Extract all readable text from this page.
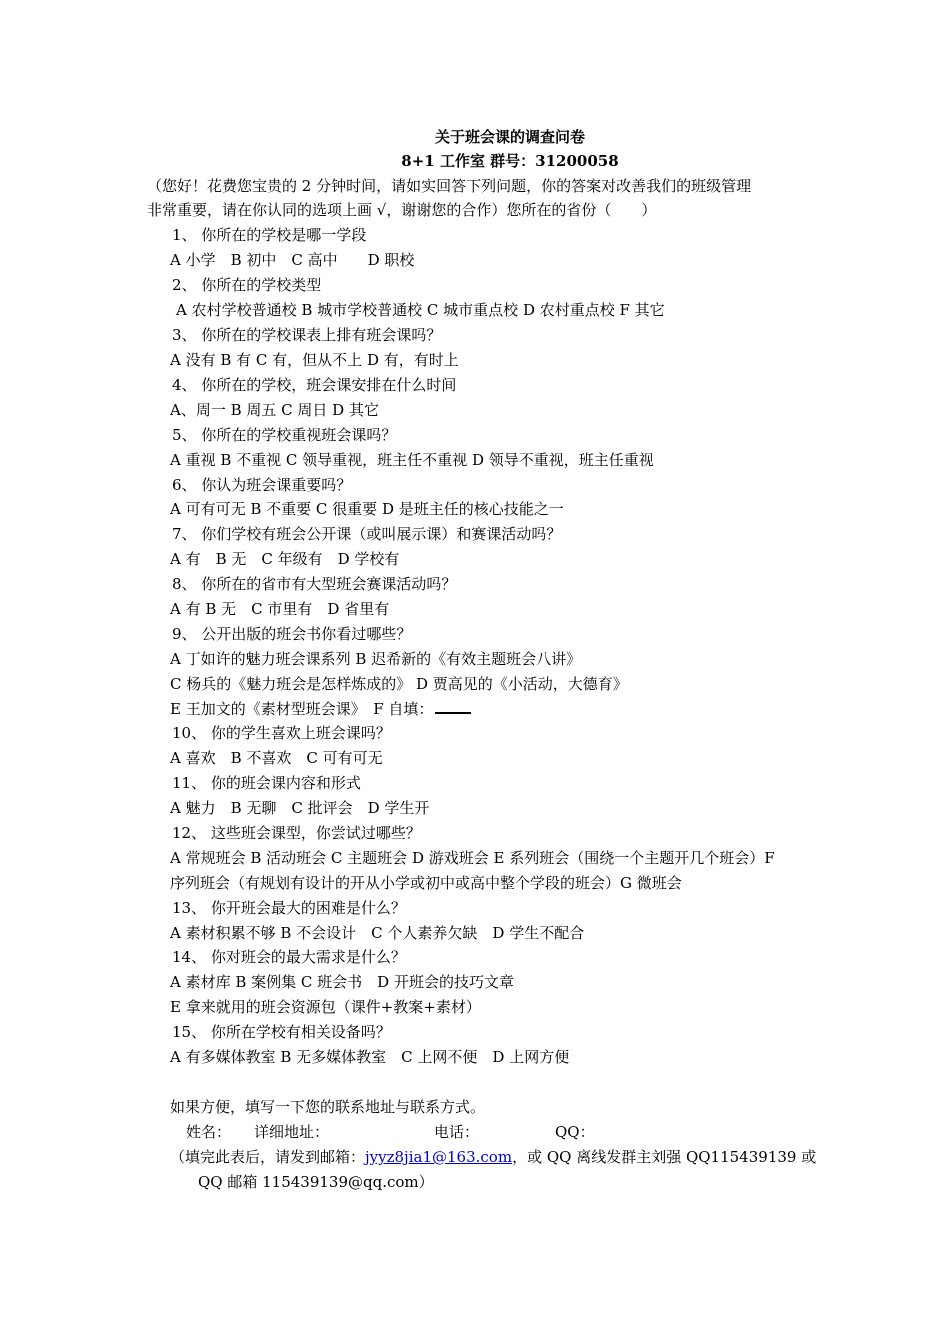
关于班会课的调查问卷
8+1 工作室 群号：31200058
（您好！花费您宝贵的 2 分钟时间，请如实回答下列问题，你的答案对改善我们的班级管理
非常重要，请在你认同的选项上画 √，谢谢您的合作）您所在的省份（　　）
1、 你所在的学校是哪一学段
A 小学　B 初中　C 高中　　D 职校
2、 你所在的学校类型
A 农村学校普通校 B 城市学校普通校 C 城市重点校 D 农村重点校 F 其它
3、 你所在的学校课表上排有班会课吗？
A 没有 B 有 C 有，但从不上 D 有，有时上
4、 你所在的学校，班会课安排在什么时间
A、周一 B 周五 C 周日 D 其它
5、 你所在的学校重视班会课吗？
A 重视 B 不重视 C 领导重视，班主任不重视 D 领导不重视，班主任重视
6、 你认为班会课重要吗？
A 可有可无 B 不重要 C 很重要 D 是班主任的核心技能之一
7、 你们学校有班会公开课（或叫展示课）和赛课活动吗？
A 有　B 无　C 年级有　D 学校有
8、 你所在的省市有大型班会赛课活动吗？
A 有 B 无　C 市里有　D 省里有
9、 公开出版的班会书你看过哪些？
A 丁如许的魅力班会课系列 B 迟希新的《有效主题班会八讲》
C 杨兵的《魅力班会是怎样炼成的》 D 贾高见的《小活动，大德育》
E 王加文的《素材型班会课》　F 自填：
10、 你的学生喜欢上班会课吗？
A 喜欢　B 不喜欢　C 可有可无
11、 你的班会课内容和形式
A 魅力　B 无聊　C 批评会　D 学生开
12、 这些班会课型，你尝试过哪些？
A 常规班会 B 活动班会 C 主题班会 D 游戏班会 E 系列班会（围绕一个主题开几个班会）F
序列班会（有规划有设计的开从小学或初中或高中整个学段的班会）G 微班会
13、 你开班会最大的困难是什么？
A 素材积累不够 B 不会设计　C 个人素养欠缺　D 学生不配合
14、 你对班会的最大需求是什么？
A 素材库 B 案例集 C 班会书　D 开班会的技巧文章
E 拿来就用的班会资源包（课件+教案+素材）
15、 你所在学校有相关设备吗？
A 有多媒体教室 B 无多媒体教室　C 上网不便　D 上网方便
如果方便，填写一下您的联系地址与联系方式。
姓名： 详细地址：	电话：	QQ：
（填完此表后，请发到邮箱：jyyz8jia1@163.com，或 QQ 离线发群主刘强 QQ115439139 或
QQ 邮箱 115439139@qq.com）
